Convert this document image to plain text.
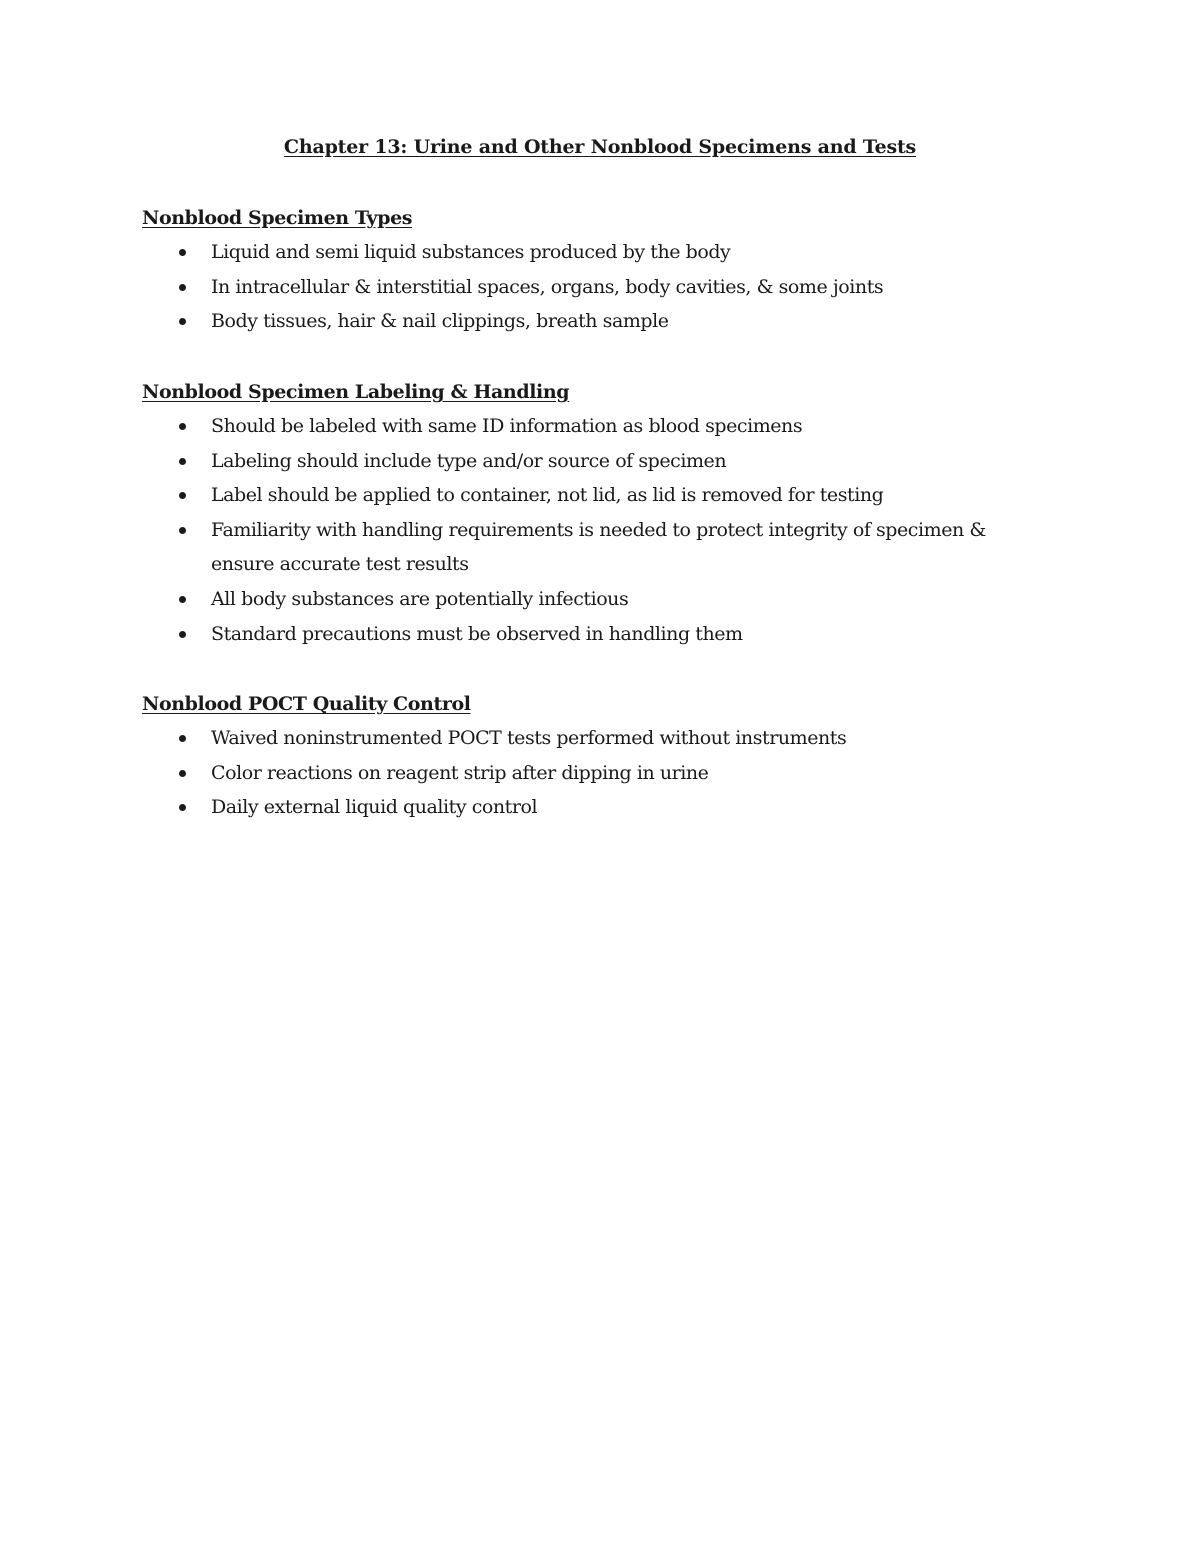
Chapter 13: Urine and Other Nonblood Specimens and Tests
Nonblood Specimen Types
Liquid and semi liquid substances produced by the body
In intracellular & interstitial spaces, organs, body cavities, & some joints
Body tissues, hair & nail clippings, breath sample
Nonblood Specimen Labeling & Handling
Should be labeled with same ID information as blood specimens
Labeling should include type and/or source of specimen
Label should be applied to container, not lid, as lid is removed for testing
Familiarity with handling requirements is needed to protect integrity of specimen & ensure accurate test results
All body substances are potentially infectious
Standard precautions must be observed in handling them
Nonblood POCT Quality Control
Waived noninstrumented POCT tests performed without instruments
Color reactions on reagent strip after dipping in urine
Daily external liquid quality control
